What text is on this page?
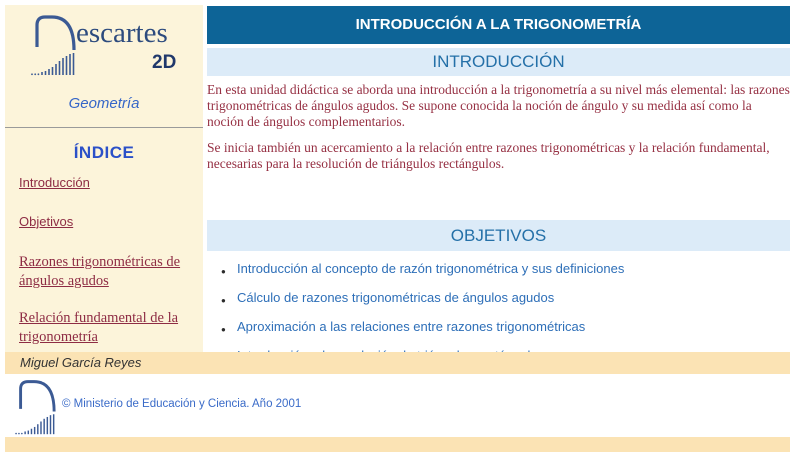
escartes
2D
Geometría
ÍNDICE
Introducción
Objetivos
Razones trigonométricas de ángulos agudos
Relación fundamental de la trigonometría
INTRODUCCIÓN A LA TRIGONOMETRÍA
INTRODUCCIÓN

En esta unidad didáctica se aborda una introducción a la trigonometría a su nivel más elemental: las razones trigonométricas de ángulos agudos. Se supone conocida la noción de ángulo y su medida así como la noción de ángulos complementarios.

Se inicia también un acercamiento a la relación entre razones trigonométricas y la relación fundamental, necesarias para la resolución de triángulos rectángulos.

OBJETIVOS
● Introducción al concepto de razón trigonométrica y sus definiciones
● Cálculo de razones trigonométricas de ángulos agudos
● Aproximación a las relaciones entre razones trigonométricas
Miguel García Reyes
© Ministerio de Educación y Ciencia. Año 2001
